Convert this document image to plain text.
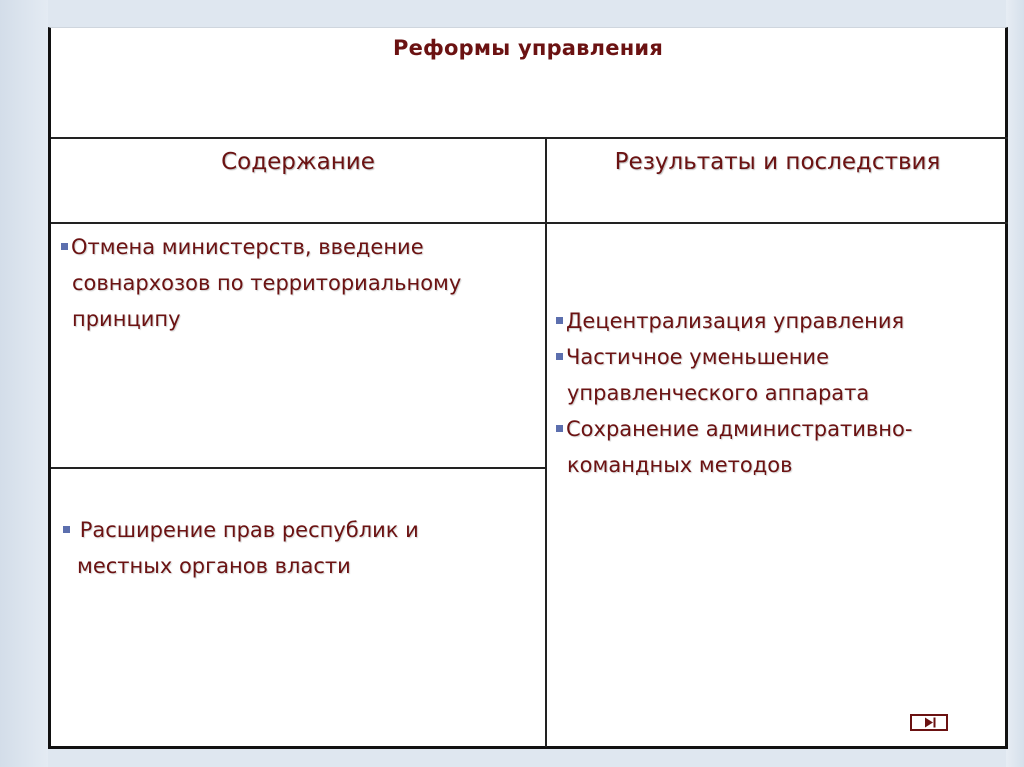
Реформы управления
Содержание	Результаты и последствия
Отмена министерств, введение
совнархозов по территориальному
принципу
Расширение прав республик и
местных органов власти
Децентрализация управления
Частичное уменьшение
управленческого аппарата
Сохранение административно-
командных методов
